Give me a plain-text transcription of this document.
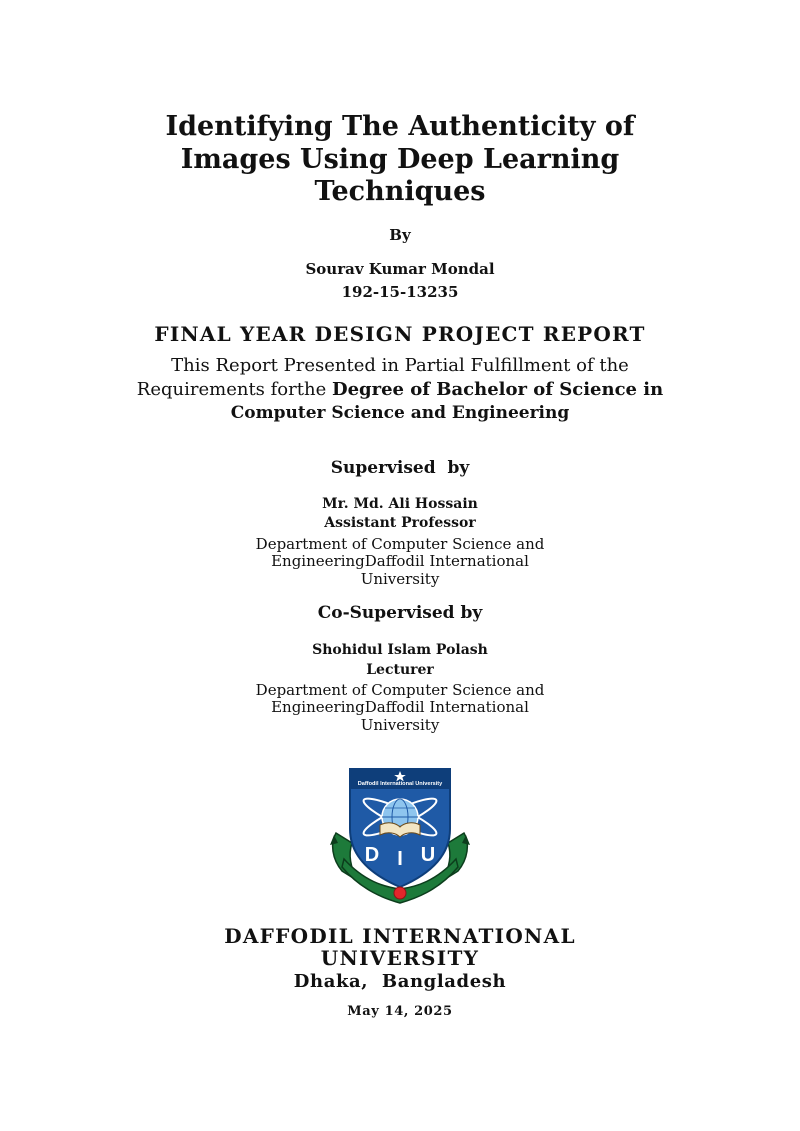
Identifying The Authenticity of
Images Using Deep Learning
Techniques
By
Sourav Kumar Mondal
192-15-13235
FINAL YEAR DESIGN PROJECT REPORT
This Report Presented in Partial Fulfillment of the
Requirements forthe Degree of Bachelor of Science in
Computer Science and Engineering
Supervised  by
Mr. Md. Ali Hossain
Assistant Professor
Department of Computer Science and
EngineeringDaffodil International
University
Co-Supervised by
Shohidul Islam Polash
Lecturer
Department of Computer Science and
EngineeringDaffodil International
University
Daffodil International University
D I U
DAFFODIL INTERNATIONAL
UNIVERSITY
Dhaka,  Bangladesh
May 14, 2025
